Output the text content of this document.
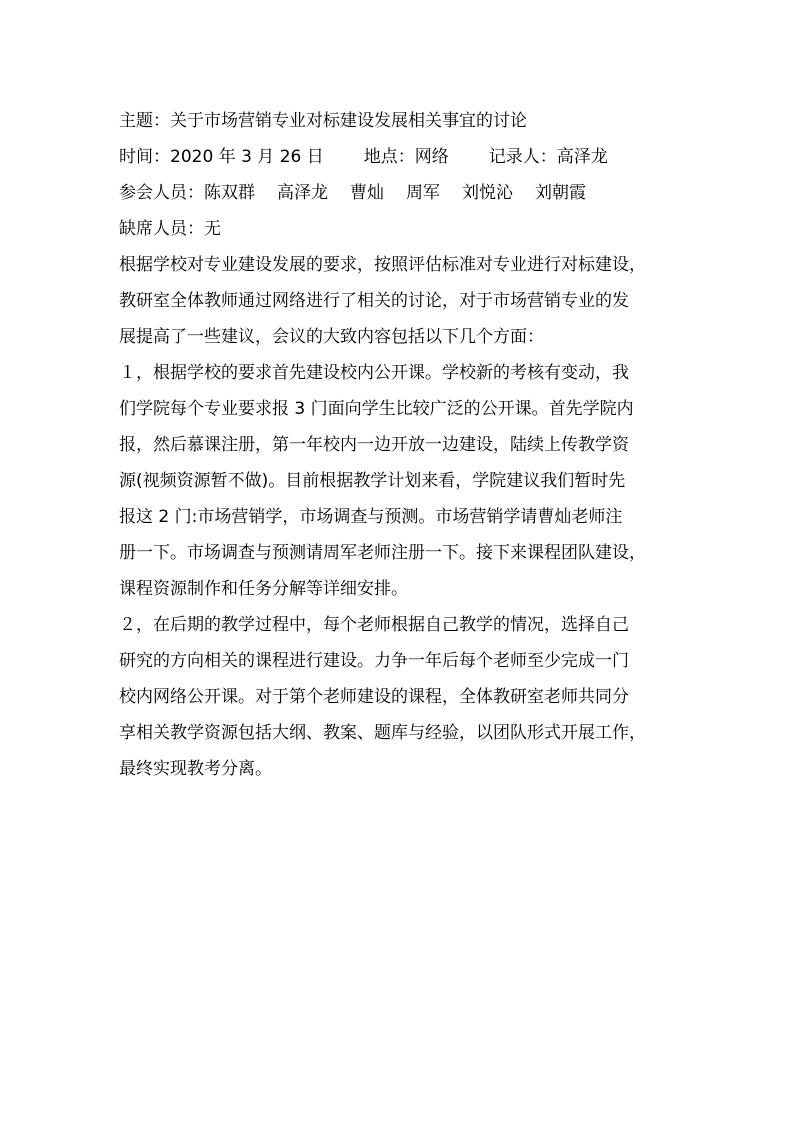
主题：关于市场营销专业对标建设发展相关事宜的讨论

时间：2020 年 3 月 26 日 地点：网络 记录人：高泽龙

参会人员：陈双群 高泽龙 曹灿 周军 刘悦沁 刘朝霞

缺席人员：无

根据学校对专业建设发展的要求，按照评估标准对专业进行对标建设，

教研室全体教师通过网络进行了相关的讨论，对于市场营销专业的发

展提高了一些建议，会议的大致内容包括以下几个方面：

１，根据学校的要求首先建设校内公开课。学校新的考核有变动，我

们学院每个专业要求报 3 门面向学生比较广泛的公开课。首先学院内

报，然后慕课注册，第一年校内一边开放一边建设，陆续上传教学资

源(视频资源暂不做)。目前根据教学计划来看，学院建议我们暂时先

报这 2 门:市场营销学，市场调查与预测。市场营销学请曹灿老师注

册一下。市场调查与预测请周军老师注册一下。接下来课程团队建设，

课程资源制作和任务分解等详细安排。

２，在后期的教学过程中，每个老师根据自己教学的情况，选择自己

研究的方向相关的课程进行建设。力争一年后每个老师至少完成一门

校内网络公开课。对于第个老师建设的课程，全体教研室老师共同分

享相关教学资源包括大纲、教案、题库与经验，以团队形式开展工作，

最终实现教考分离。
